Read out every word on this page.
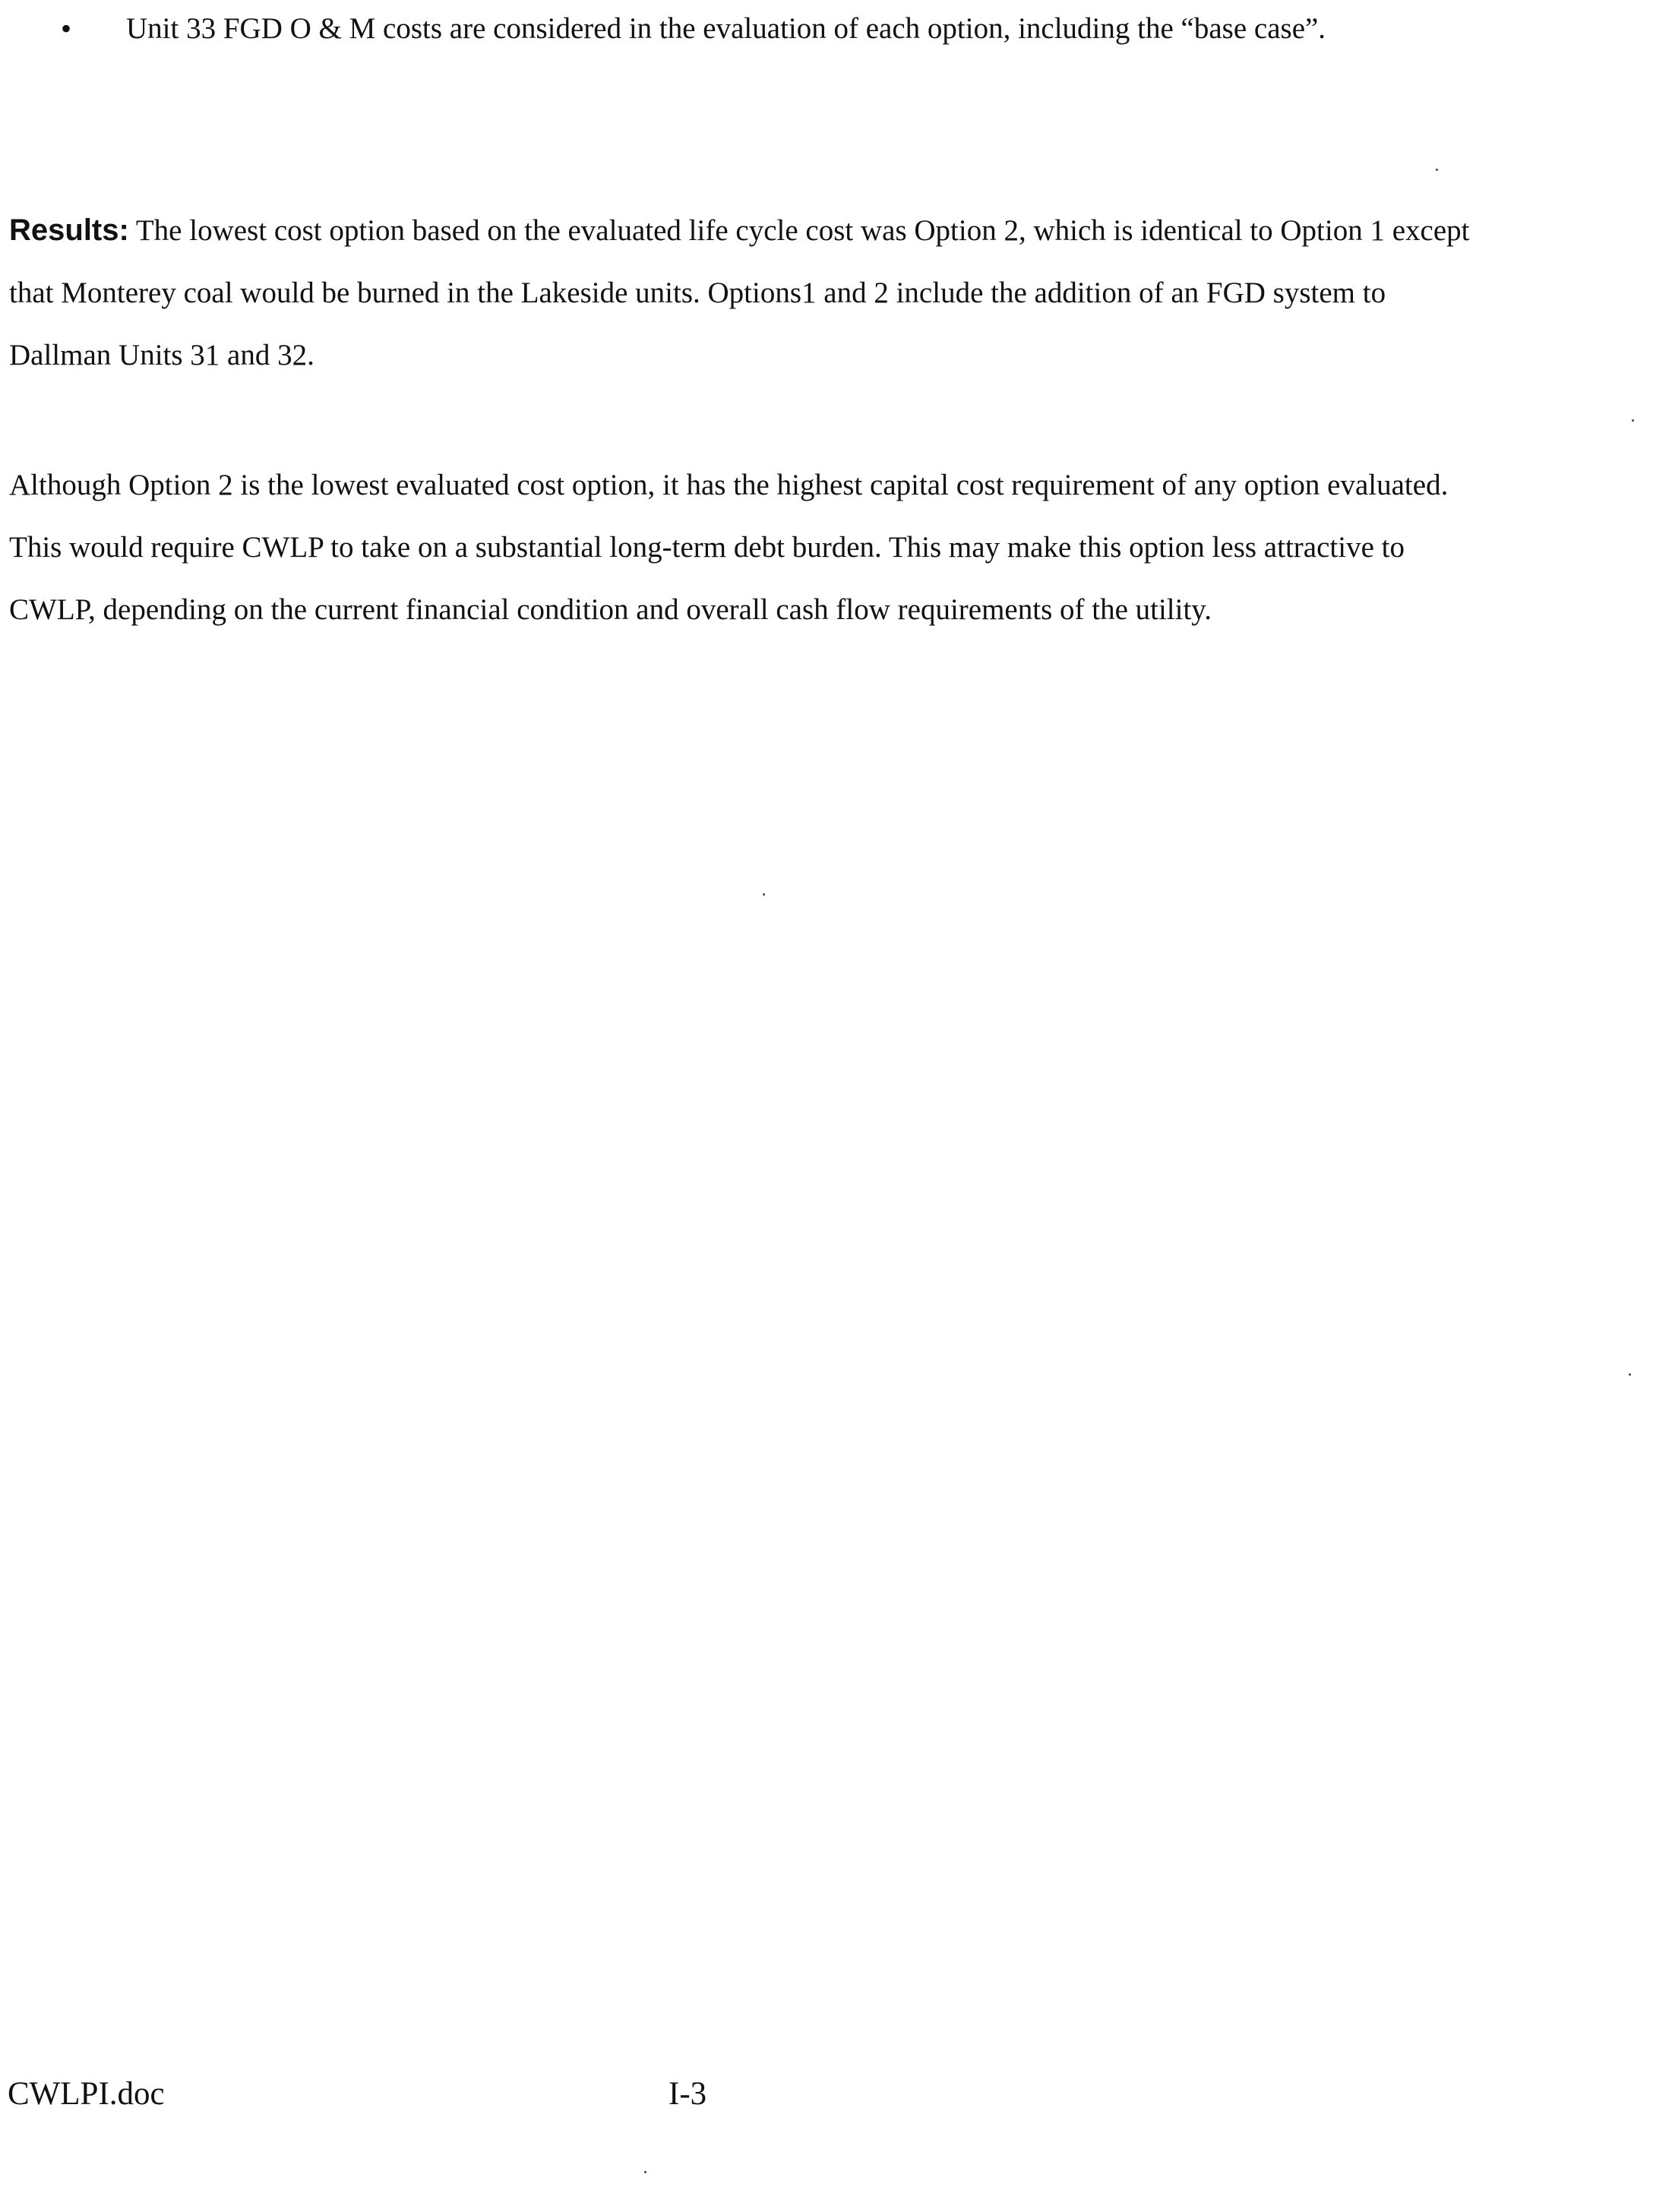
•	Unit 33 FGD O & M costs are considered in the evaluation of each option, including the “base case”.

Results: The lowest cost option based on the evaluated life cycle cost was Option 2, which is identical to Option 1 except that Monterey coal would be burned in the Lakeside units. Options1 and 2 include the addition of an FGD system to Dallman Units 31 and 32.

Although Option 2 is the lowest evaluated cost option, it has the highest capital cost requirement of any option evaluated. This would require CWLP to take on a substantial long-term debt burden. This may make this option less attractive to CWLP, depending on the current financial condition and overall cash flow requirements of the utility.

CWLPI.doc	I-3
